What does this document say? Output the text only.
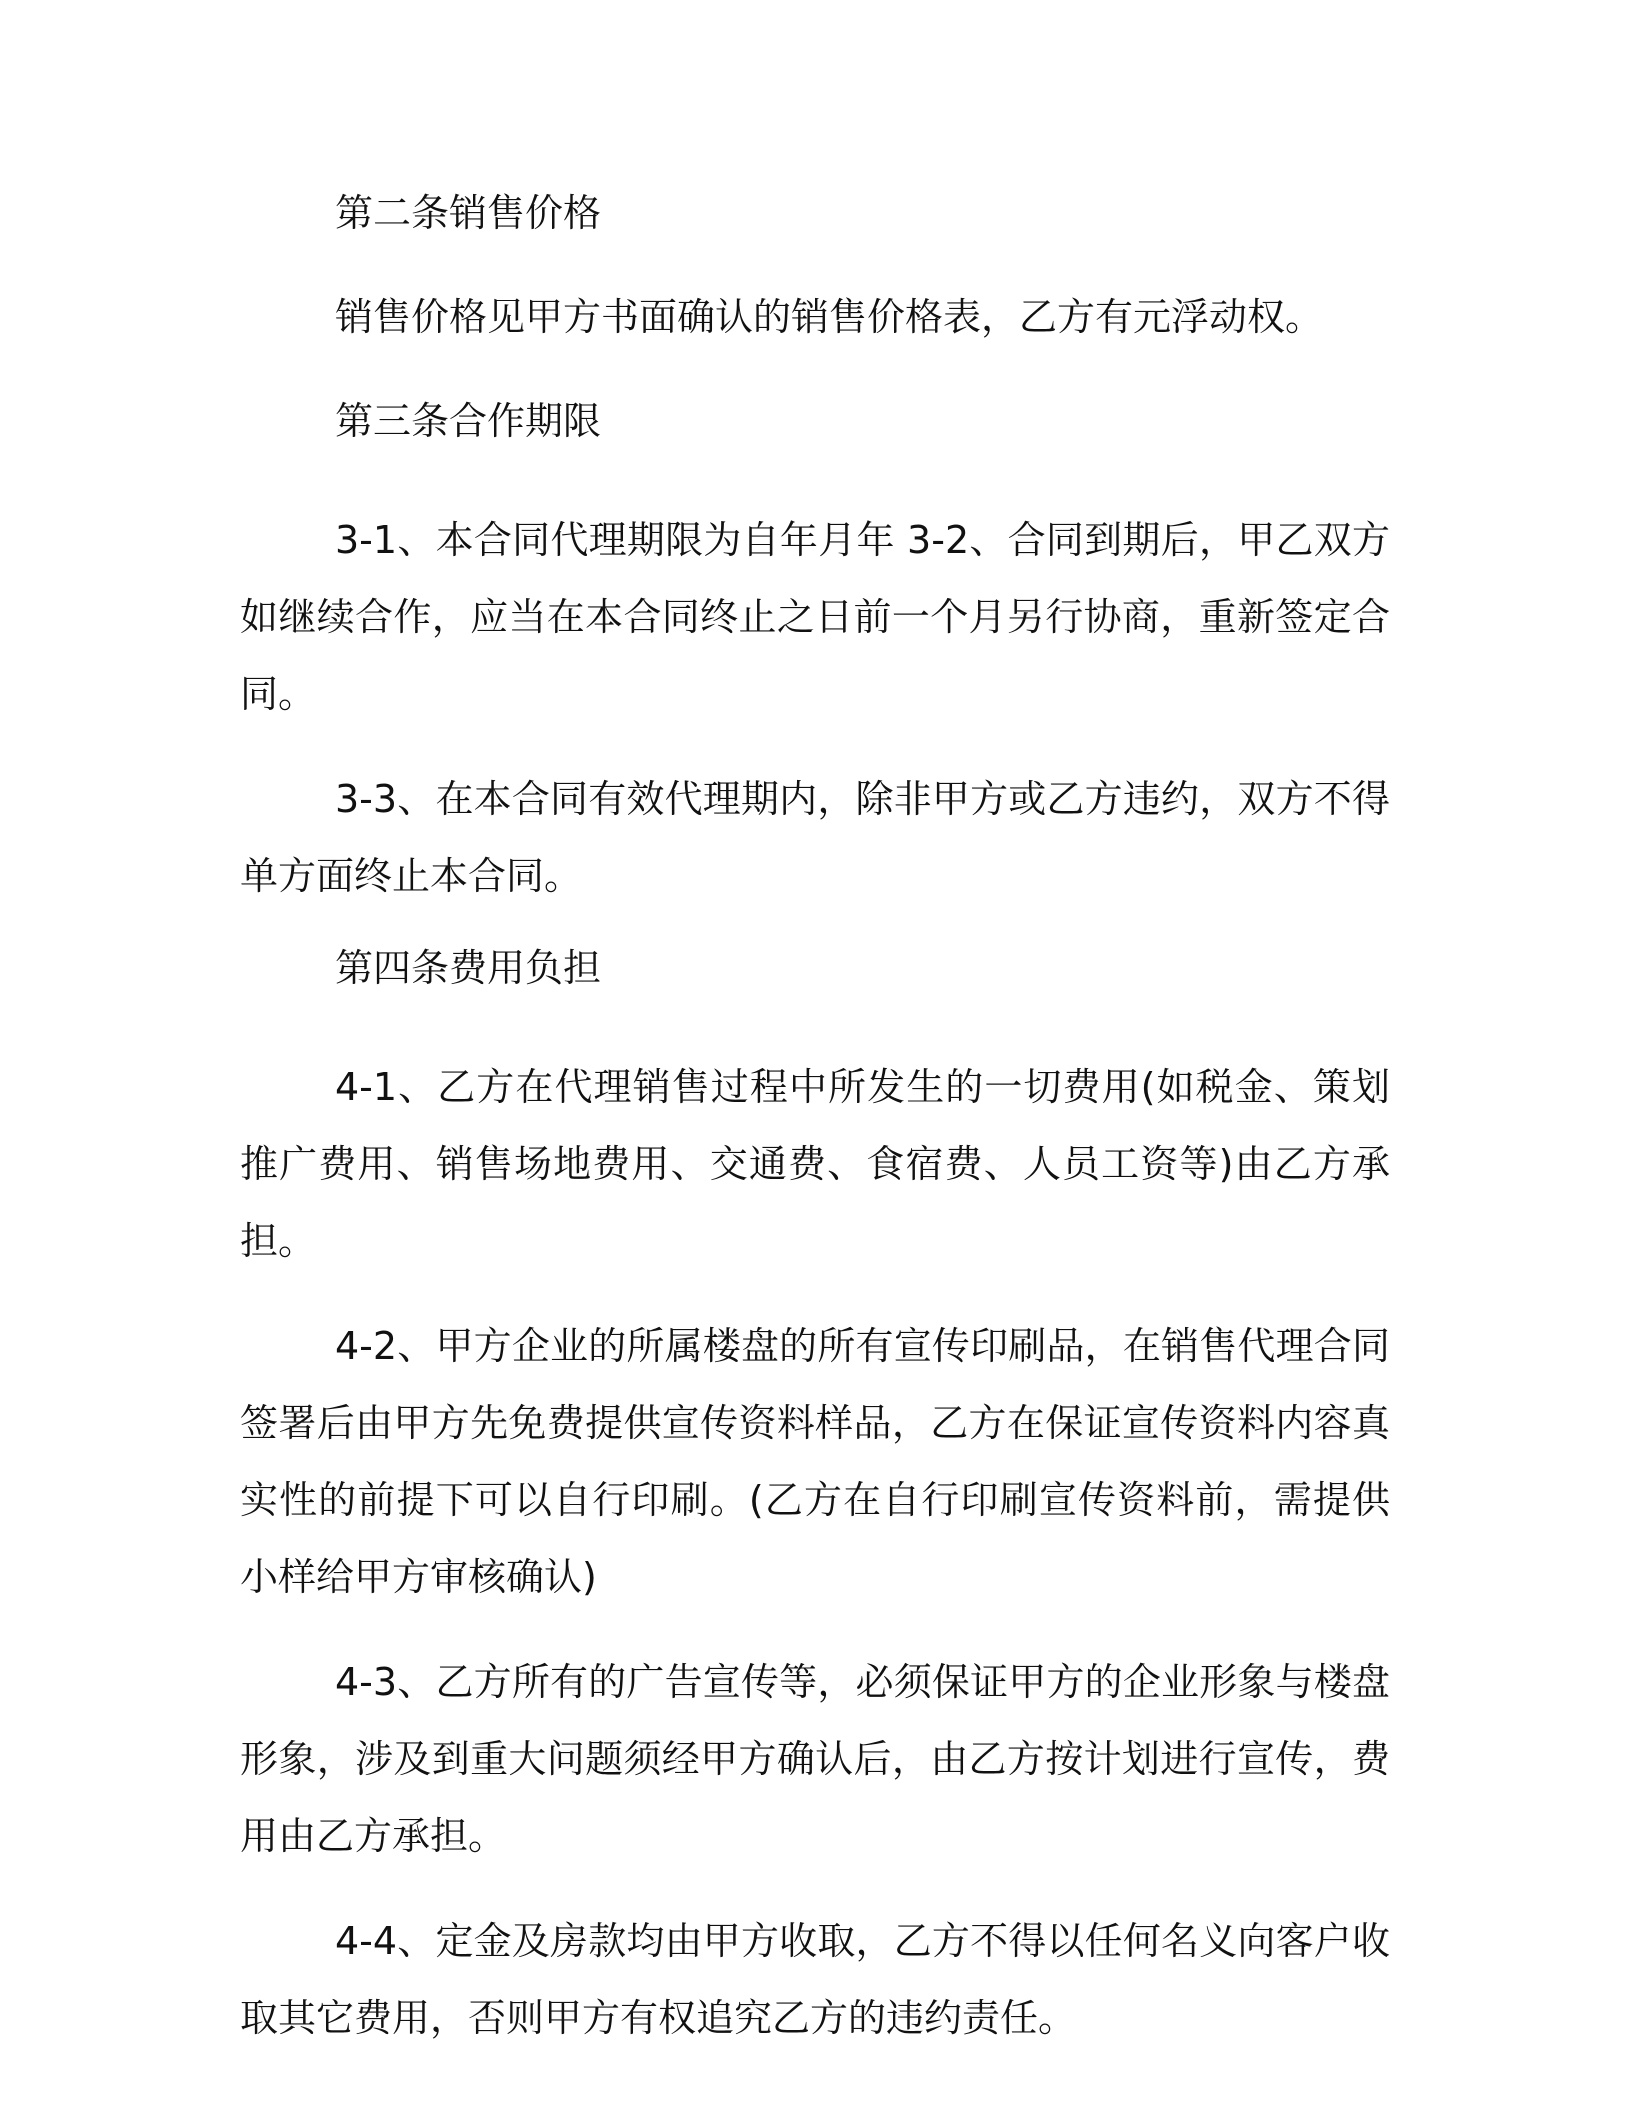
第二条销售价格
销售价格见甲方书面确认的销售价格表，乙方有元浮动权。
第三条合作期限
3-1、本合同代理期限为自年月年 3-2、合同到期后，甲乙双方如继续合作，应当在本合同终止之日前一个月另行协商，重新签定合同。
3-3、在本合同有效代理期内，除非甲方或乙方违约，双方不得单方面终止本合同。
第四条费用负担
4-1、乙方在代理销售过程中所发生的一切费用(如税金、策划推广费用、销售场地费用、交通费、食宿费、人员工资等)由乙方承担。
4-2、甲方企业的所属楼盘的所有宣传印刷品，在销售代理合同签署后由甲方先免费提供宣传资料样品，乙方在保证宣传资料内容真实性的前提下可以自行印刷。(乙方在自行印刷宣传资料前，需提供小样给甲方审核确认)
4-3、乙方所有的广告宣传等，必须保证甲方的企业形象与楼盘形象，涉及到重大问题须经甲方确认后，由乙方按计划进行宣传，费用由乙方承担。
4-4、定金及房款均由甲方收取，乙方不得以任何名义向客户收取其它费用，否则甲方有权追究乙方的违约责任。
